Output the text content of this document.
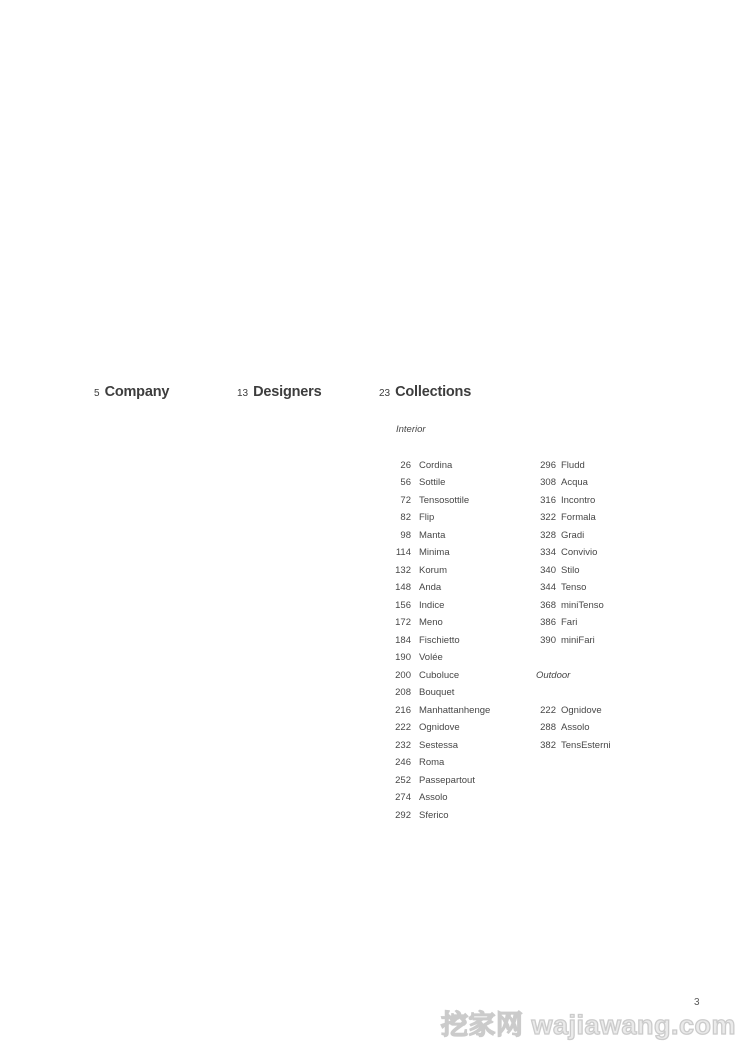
5 Company	13 Designers	23 Collections
Interior
26 Cordina
56 Sottile
72 Tensosottile
82 Flip
98 Manta
114 Minima
132 Korum
148 Anda
156 Indice
172 Meno
184 Fischietto
190 Volée
200 Cuboluce
208 Bouquet
216 Manhattanhenge
222 Ognidove
232 Sestessa
246 Roma
252 Passepartout
274 Assolo
292 Sferico
296 Fludd
308 Acqua
316 Incontro
322 Formala
328 Gradi
334 Convivio
340 Stilo
344 Tenso
368 miniTenso
386 Fari
390 miniFari
Outdoor
222 Ognidove
288 Assolo
382 TensEsterni
3
挖家网 wajiawang.com
